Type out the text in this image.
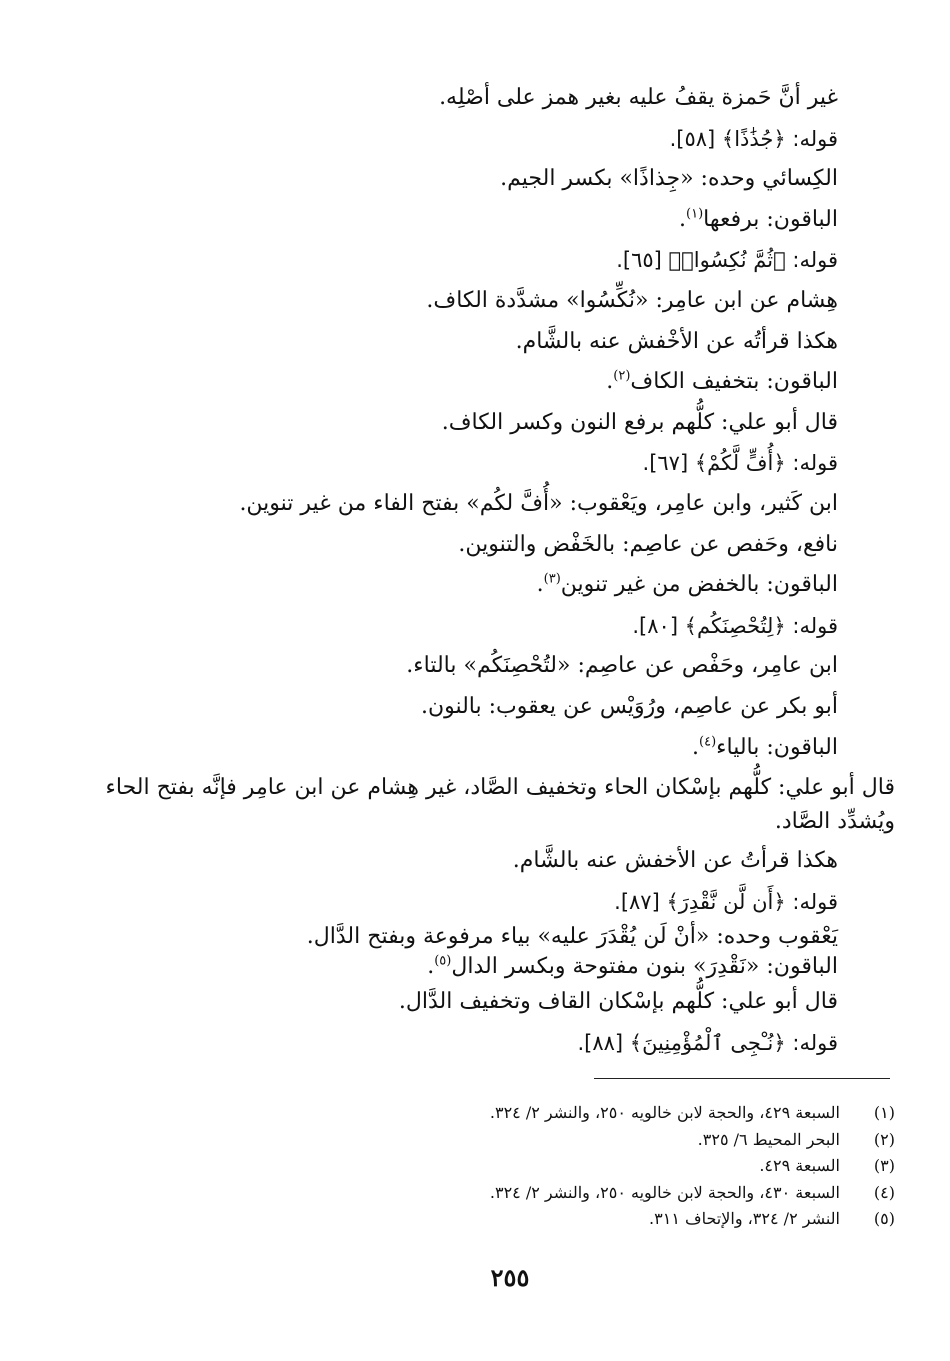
غير أنَّ حَمزة يقفُ عليه بغير همز على أصْلِه.
قوله: ﴿جُذَٰذًا﴾ [٥٨].
الكِسائي وحده: «جِذاذًا» بكسر الجيم.
الباقون: برفعها$^{(١)}$.
قوله: ﴿ثُمَّ نُكِسُوا۟﴾ [٦٥].
هِشام عن ابن عامِر: «نُكِّسُوا» مشدَّدة الكاف.
هكذا قرأتُه عن الأخْفش عنه بالشَّام.
الباقون: بتخفيف الكاف$^{(٢)}$.
قال أبو علي: كلُّهم برفع النون وكسر الكاف.
قوله: ﴿أُفٍّ لَّكُمْ﴾ [٦٧].
ابن كَثير، وابن عامِر، ويَعْقوب: «أُفَّ لكُم» بفتح الفاء من غير تنوين.
نافع، وحَفص عن عاصِم: بالخَفْض والتنوين.
الباقون: بالخفض من غير تنوين$^{(٣)}$.
قوله: ﴿لِتُحْصِنَكُم﴾ [٨٠].
ابن عامِر، وحَفْص عن عاصِم: «لتُحْصِنَكُم» بالتاء.
أبو بكر عن عاصِم، ورُوَيْس عن يعقوب: بالنون.
الباقون: بالياء$^{(٤)}$.
قال أبو علي: كلُّهم بإسْكان الحاء وتخفيف الصَّاد، غير هِشام عن ابن عامِر فإنَّه بفتح الحاء ويُشدِّد الصَّاد.
هكذا قرأتُ عن الأخفش عنه بالشَّام.
قوله: ﴿أَن لَّن نَّقْدِرَ﴾ [٨٧].
يَعْقوب وحده: «أنْ لَن يُقْدَرَ عليه» بياء مرفوعة وبفتح الدَّال.
الباقون: «نَقْدِرَ» بنون مفتوحة وبكسر الدال$^{(٥)}$.
قال أبو علي: كلُّهم بإسْكان القاف وتخفيف الدَّال.
قوله: ﴿نُـْجِى ٱلْمُؤْمِنِينَ﴾ [٨٨].
(١)السبعة ٤٢٩، والحجة لابن خالويه ٢٥٠، والنشر ٢/ ٣٢٤.
(٢)البحر المحيط ٦/ ٣٢٥.
(٣)السبعة ٤٢٩.
(٤)السبعة ٤٣٠، والحجة لابن خالويه ٢٥٠، والنشر ٢/ ٣٢٤.
(٥)النشر ٢/ ٣٢٤، والإتحاف ٣١١.
٢٥٥
